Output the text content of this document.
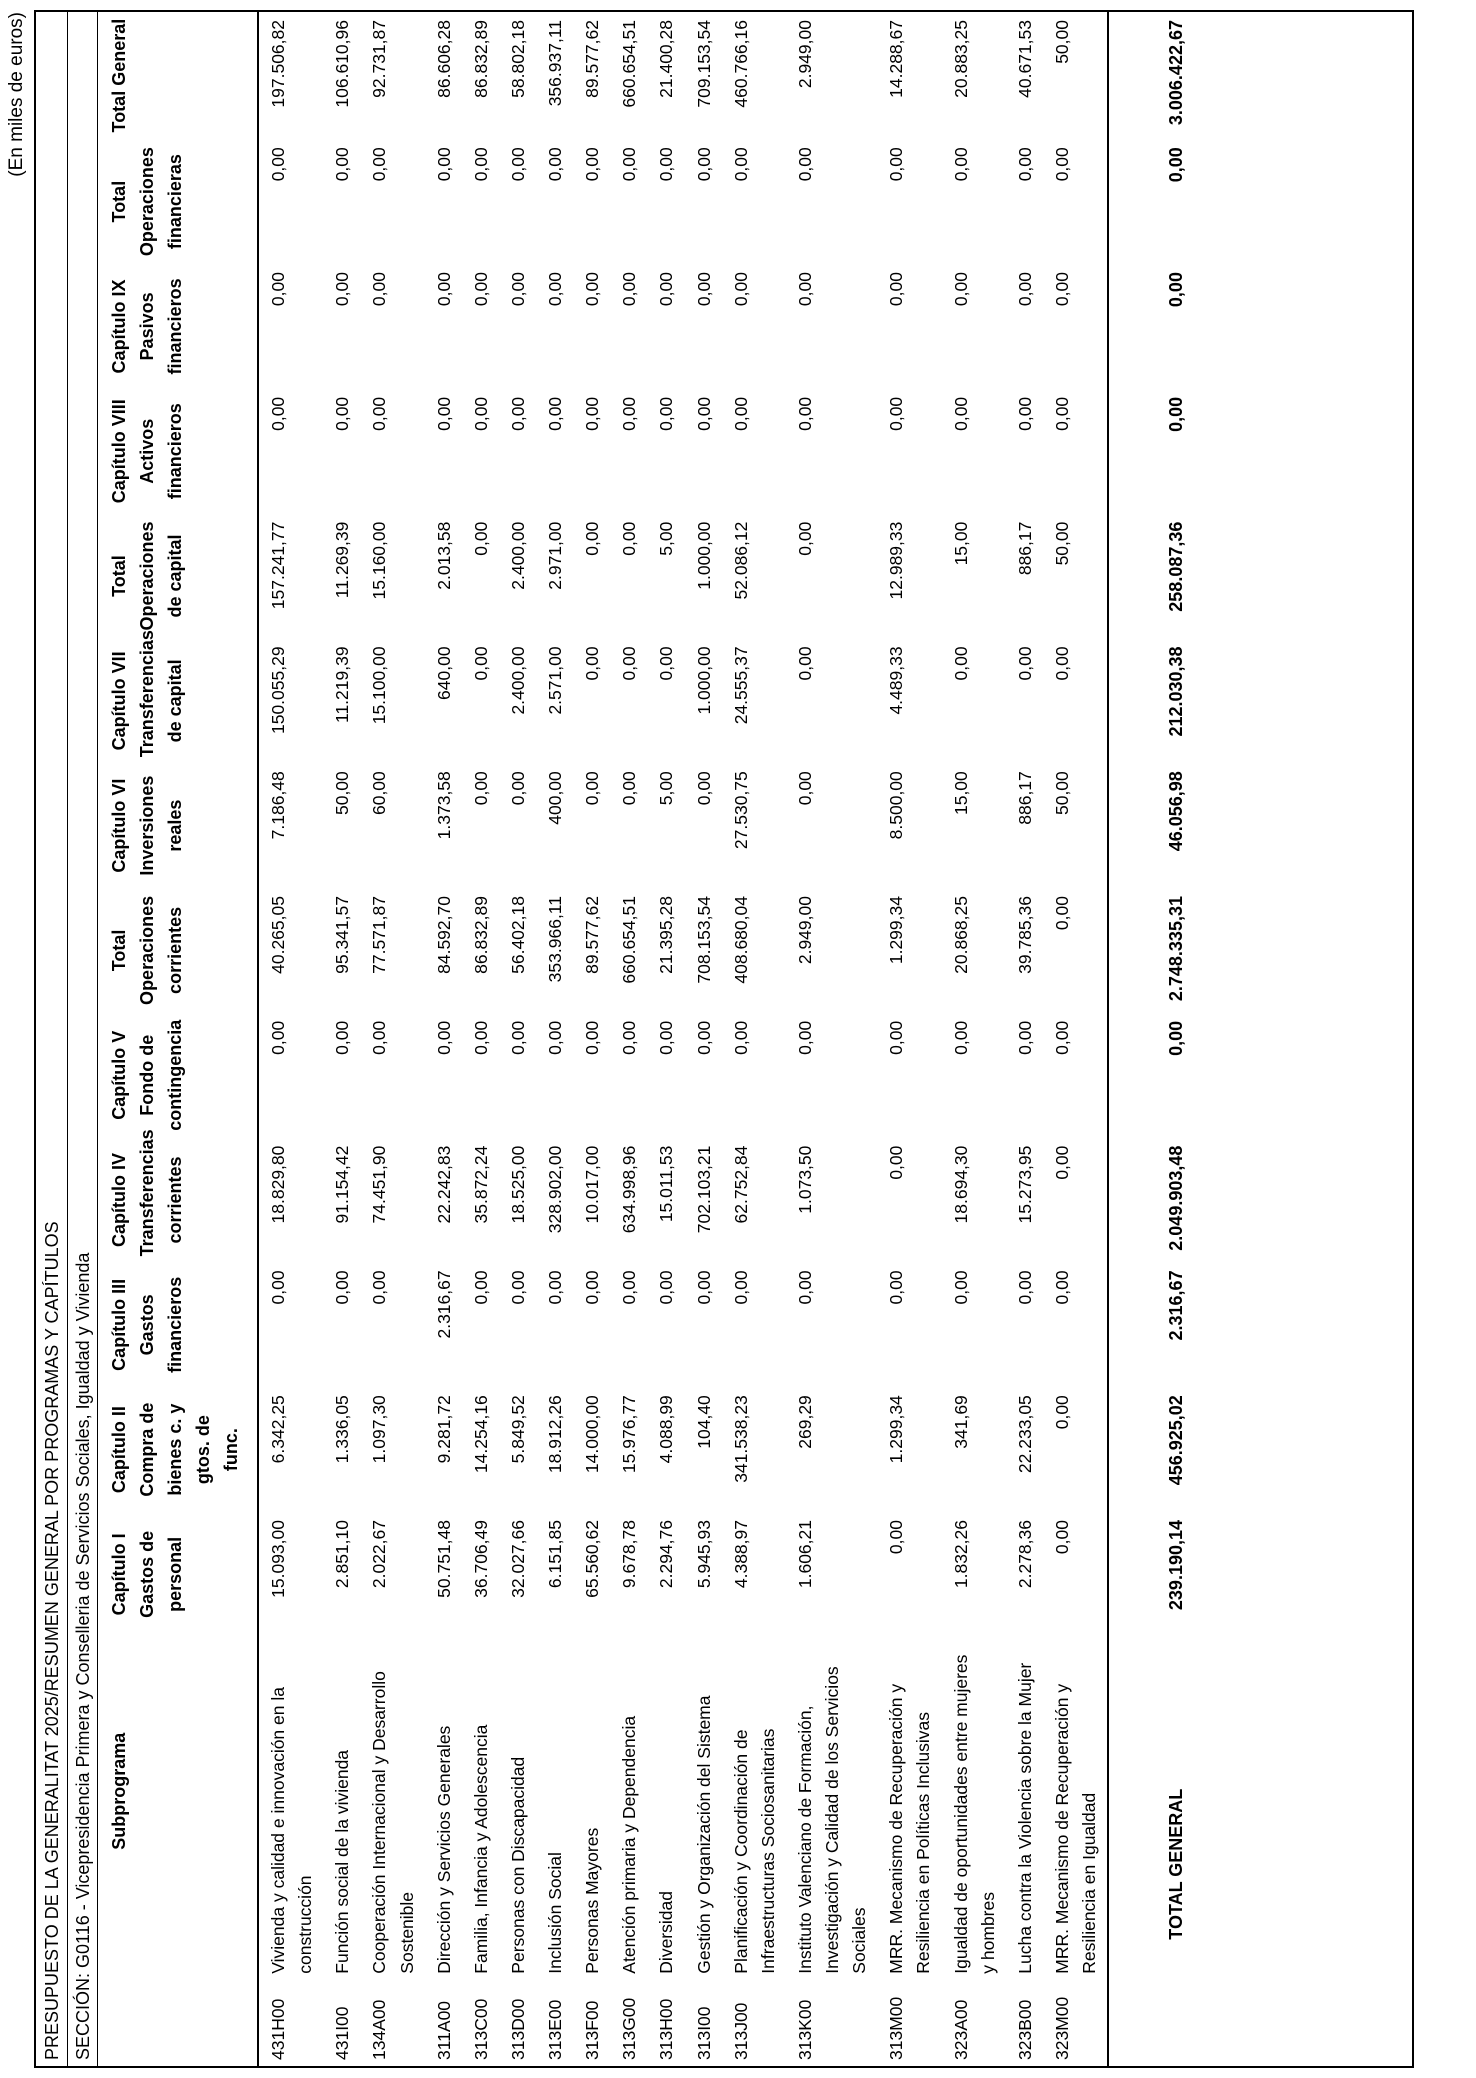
(En miles de euros)
PRESUPUESTO DE LA GENERALITAT 2025/RESUMEN GENERAL POR PROGRAMAS Y CAPÍTULOS SECCIÓN: G0116 - Vicepresidencia Primera y Conselleria de Servicios Sociales, Igualdad y Vivienda
	Subprograma	Capítulo I Gastos de personal	Capítulo II Compra de bienes c. y gtos. de func.	Capítulo III Gastos financieros	Capítulo IV Transferencias corrientes	Capítulo V Fondo de contingencia	Total Operaciones corrientes	Capítulo VI Inversiones reales	Capítulo VII Transferencias de capital	Total Operaciones de capital	Capítulo VIII Activos financieros	Capítulo IX Pasivos financieros	Total Operaciones financieras	Total General
431H00	Vivienda y calidad e innovación en la construcción	15.093,00	6.342,25	0,00	18.829,80	0,00	40.265,05	7.186,48	150.055,29	157.241,77	0,00	0,00	0,00	197.506,82
431I00	Función social de la vivienda	2.851,10	1.336,05	0,00	91.154,42	0,00	95.341,57	50,00	11.219,39	11.269,39	0,00	0,00	0,00	106.610,96
134A00	Cooperación Internacional y Desarrollo Sostenible	2.022,67	1.097,30	0,00	74.451,90	0,00	77.571,87	60,00	15.100,00	15.160,00	0,00	0,00	0,00	92.731,87
311A00	Dirección y Servicios Generales	50.751,48	9.281,72	2.316,67	22.242,83	0,00	84.592,70	1.373,58	640,00	2.013,58	0,00	0,00	0,00	86.606,28
313C00	Familia, Infancia y Adolescencia	36.706,49	14.254,16	0,00	35.872,24	0,00	86.832,89	0,00	0,00	0,00	0,00	0,00	0,00	86.832,89
313D00	Personas con Discapacidad	32.027,66	5.849,52	0,00	18.525,00	0,00	56.402,18	0,00	2.400,00	2.400,00	0,00	0,00	0,00	58.802,18
313E00	Inclusión Social	6.151,85	18.912,26	0,00	328.902,00	0,00	353.966,11	400,00	2.571,00	2.971,00	0,00	0,00	0,00	356.937,11
313F00	Personas Mayores	65.560,62	14.000,00	0,00	10.017,00	0,00	89.577,62	0,00	0,00	0,00	0,00	0,00	0,00	89.577,62
313G00	Atención primaria y Dependencia	9.678,78	15.976,77	0,00	634.998,96	0,00	660.654,51	0,00	0,00	0,00	0,00	0,00	0,00	660.654,51
313H00	Diversidad	2.294,76	4.088,99	0,00	15.011,53	0,00	21.395,28	5,00	0,00	5,00	0,00	0,00	0,00	21.400,28
313I00	Gestión y Organización del Sistema	5.945,93	104,40	0,00	702.103,21	0,00	708.153,54	0,00	1.000,00	1.000,00	0,00	0,00	0,00	709.153,54
313J00	Planificación y Coordinación de Infraestructuras Sociosanitarias	4.388,97	341.538,23	0,00	62.752,84	0,00	408.680,04	27.530,75	24.555,37	52.086,12	0,00	0,00	0,00	460.766,16
313K00	Instituto Valenciano de Formación, Investigación y Calidad de los Servicios Sociales	1.606,21	269,29	0,00	1.073,50	0,00	2.949,00	0,00	0,00	0,00	0,00	0,00	0,00	2.949,00
313M00	MRR. Mecanismo de Recuperación y Resiliencia en Políticas Inclusivas	0,00	1.299,34	0,00	0,00	0,00	1.299,34	8.500,00	4.489,33	12.989,33	0,00	0,00	0,00	14.288,67
323A00	Igualdad de oportunidades entre mujeres y hombres	1.832,26	341,69	0,00	18.694,30	0,00	20.868,25	15,00	0,00	15,00	0,00	0,00	0,00	20.883,25
323B00	Lucha contra la Violencia sobre la Mujer	2.278,36	22.233,05	0,00	15.273,95	0,00	39.785,36	886,17	0,00	886,17	0,00	0,00	0,00	40.671,53
323M00	MRR. Mecanismo de Recuperación y Resiliencia en Igualdad	0,00	0,00	0,00	0,00	0,00	0,00	50,00	0,00	50,00	0,00	0,00	0,00	50,00
	TOTAL GENERAL	239.190,14	456.925,02	2.316,67	2.049.903,48	0,00	2.748.335,31	46.056,98	212.030,38	258.087,36	0,00	0,00	0,00	3.006.422,67
